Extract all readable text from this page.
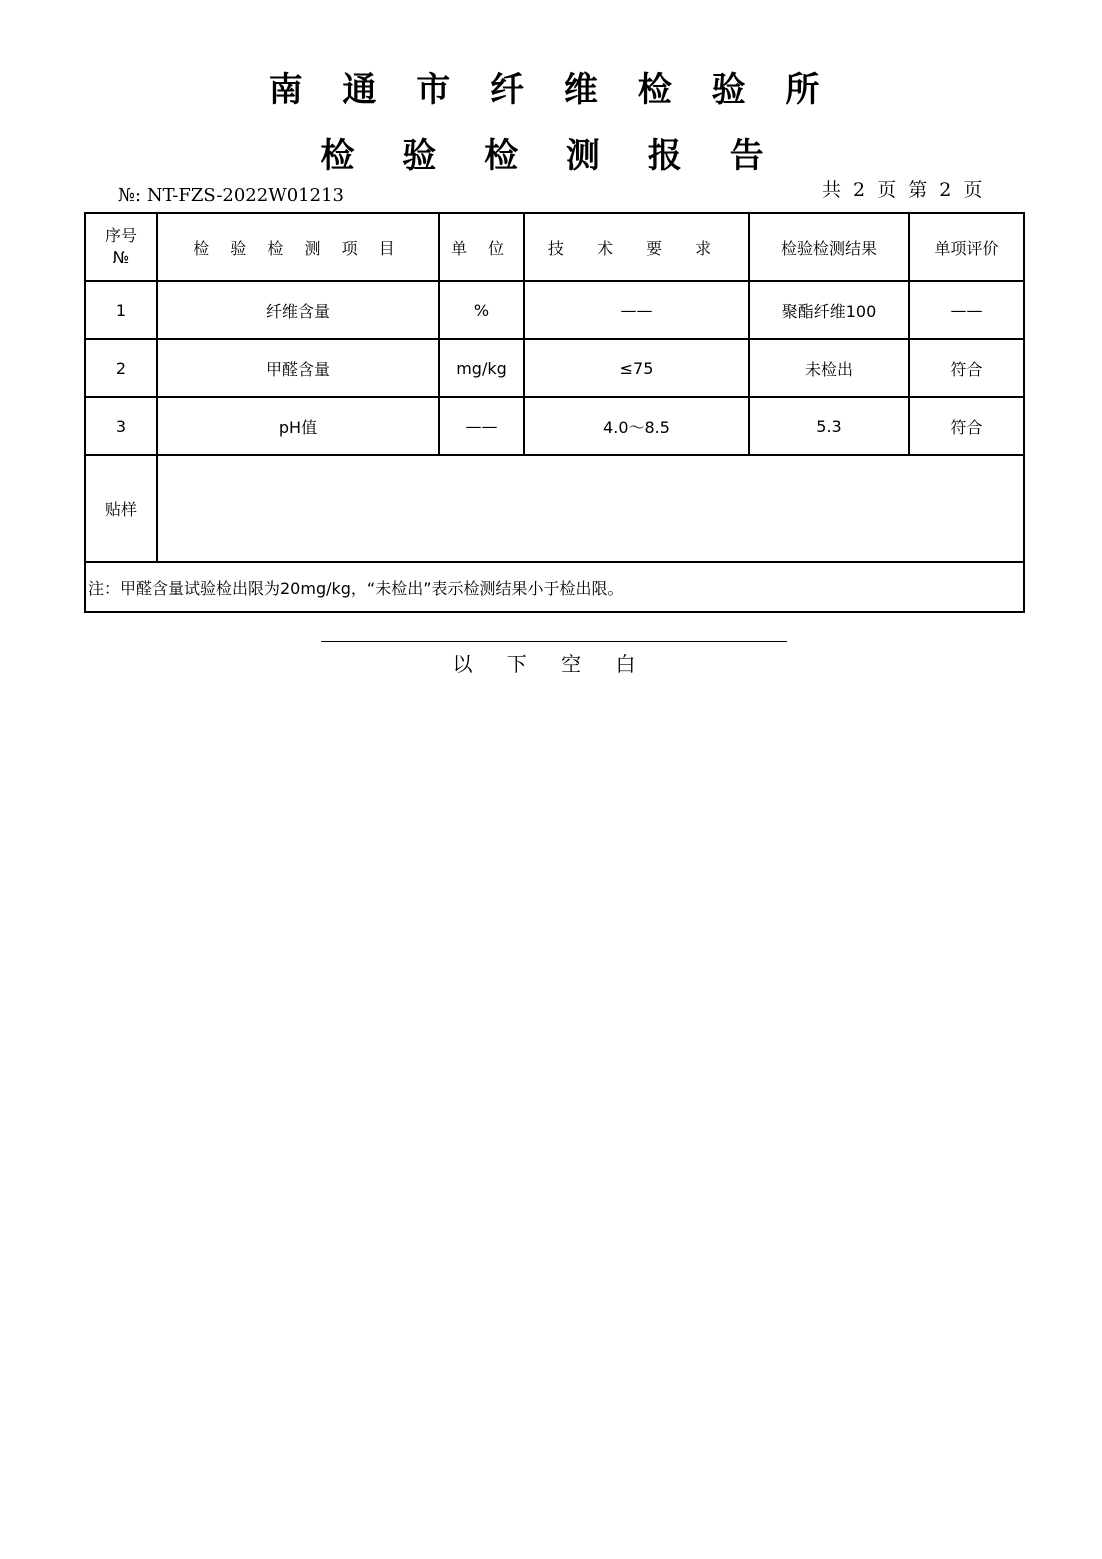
南 通 市 纤 维 检 验 所
检 验 检 测 报 告
№: NT-FZS-2022W01213	共 2 页 第 2 页
序号
№	检 验 检 测 项 目	单 位	技 术 要 求	检验检测结果	单项评价
1	纤维含量	%	——	聚酯纤维100	——
2	甲醛含量	mg/kg	≤75	未检出	符合
3	pH值	——	4.0～8.5	5.3	符合
贴样					
注：甲醛含量试验检出限为20mg/kg，“未检出”表示检测结果小于检出限。					
以 下 空 白
